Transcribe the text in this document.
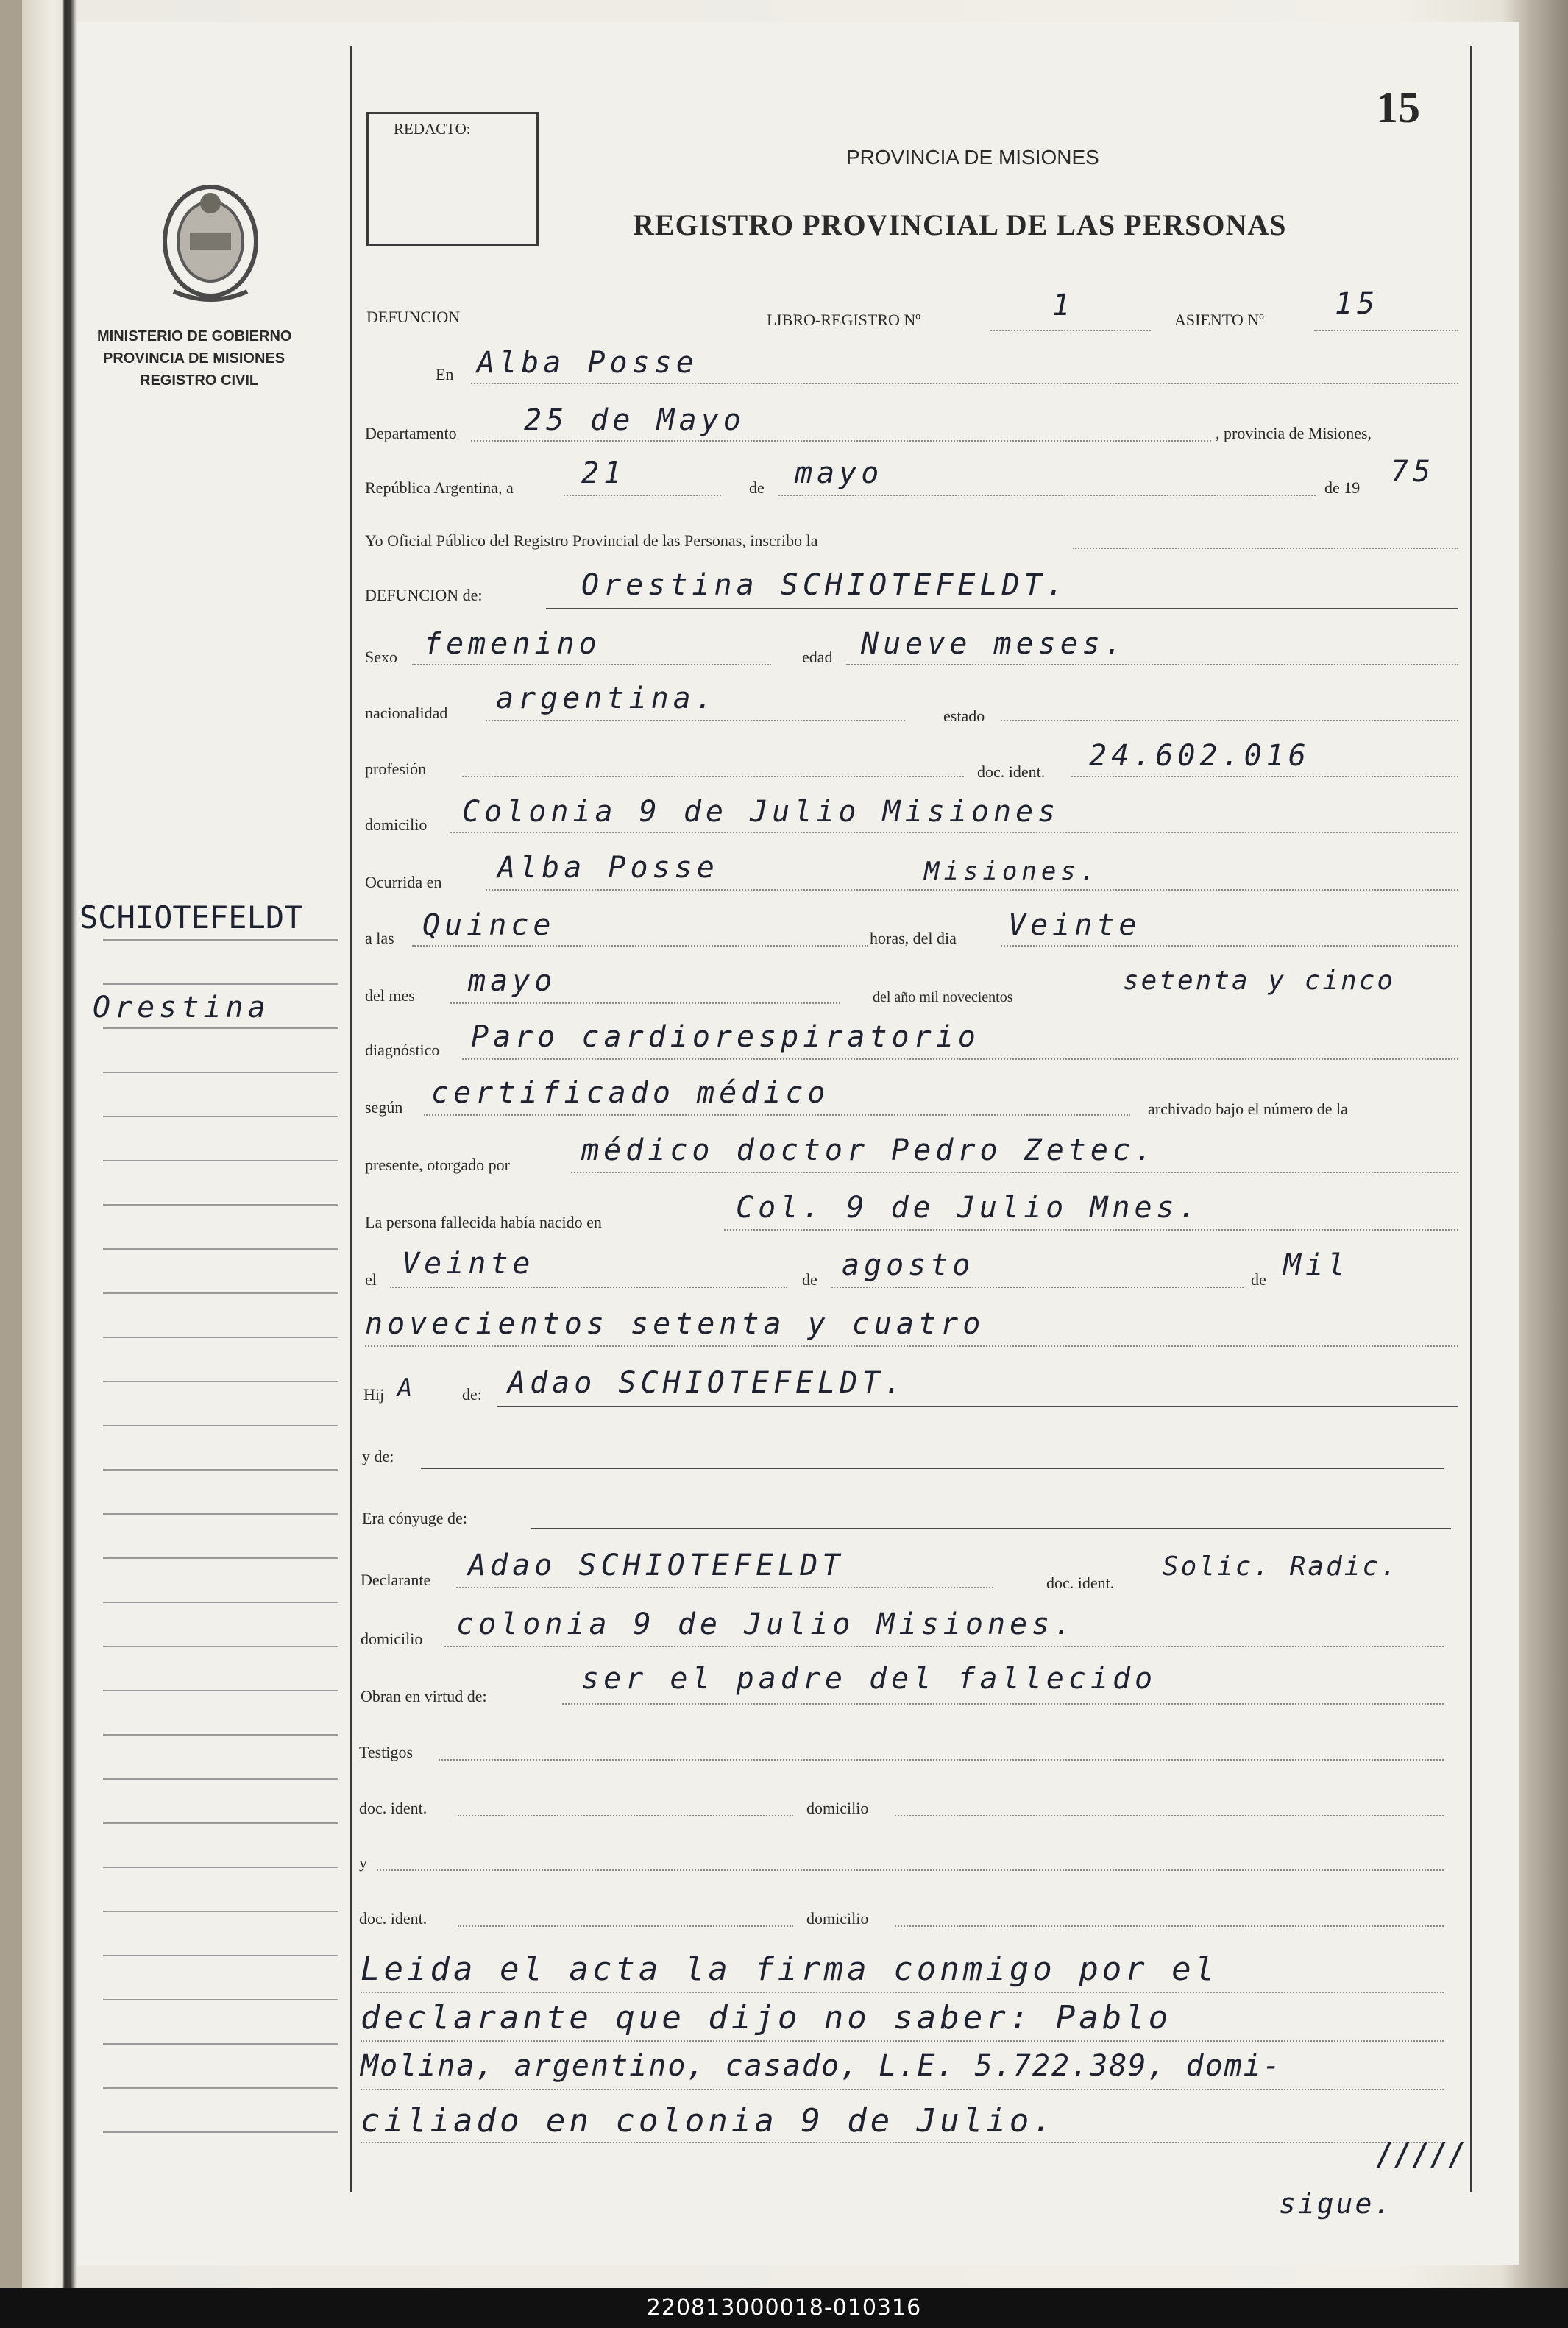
REDACTO:	15
PROVINCIA DE MISIONES
REGISTRO PROVINCIAL DE LAS PERSONAS
MINISTERIO DE GOBIERNO
PROVINCIA DE MISIONES
REGISTRO CIVIL
SCHIOTEFELDT
Orestina
DEFUNCION	LIBRO-REGISTRO Nº	1	ASIENTO Nº 15
En Alba Posse
Departamento 25 de Mayo	, provincia de Misiones,
República Argentina, a 21	de mayo	de 19 75
Yo Oficial Público del Registro Provincial de las Personas, inscribo la
DEFUNCION de:	Orestina SCHIOTEFELDT.
Sexo femenino	edad Nueve meses.
nacionalidad argentina.
estado
profesión	doc. ident. 24.602.016
domicilio Colonia 9 de Julio Misiones
Ocurrida en Alba Posse	Misiones.
a las Quince	horas, del dia Veinte
del mes mayo	del año mil novecientos
setenta y cinco
diagnóstico Paro cardiorespiratorio
según certificado médico	archivado bajo el número de la
presente, otorgado por médico doctor Pedro Zetec.
La persona fallecida había nacido en	Col. 9 de Julio Mnes.
el Veinte	de agosto	de Mil
novecientos setenta y cuatro
Hij A	de: Adao SCHIOTEFELDT.
y de:
Era cónyuge de:
Declarante Adao SCHIOTEFELDT
doc. ident.
Solic. Radic.
domicilio colonia 9 de Julio Misiones.
Obran en virtud de:
ser el padre del fallecido
Testigos
doc. ident.	domicilio
y
doc. ident.	domicilio
Leida el acta la firma conmigo por el
declarante que dijo no saber: Pablo
Molina, argentino, casado, L.E. 5.722.389, domi-
ciliado en colonia 9 de Julio.
/////
sigue.
220813000018-010316
